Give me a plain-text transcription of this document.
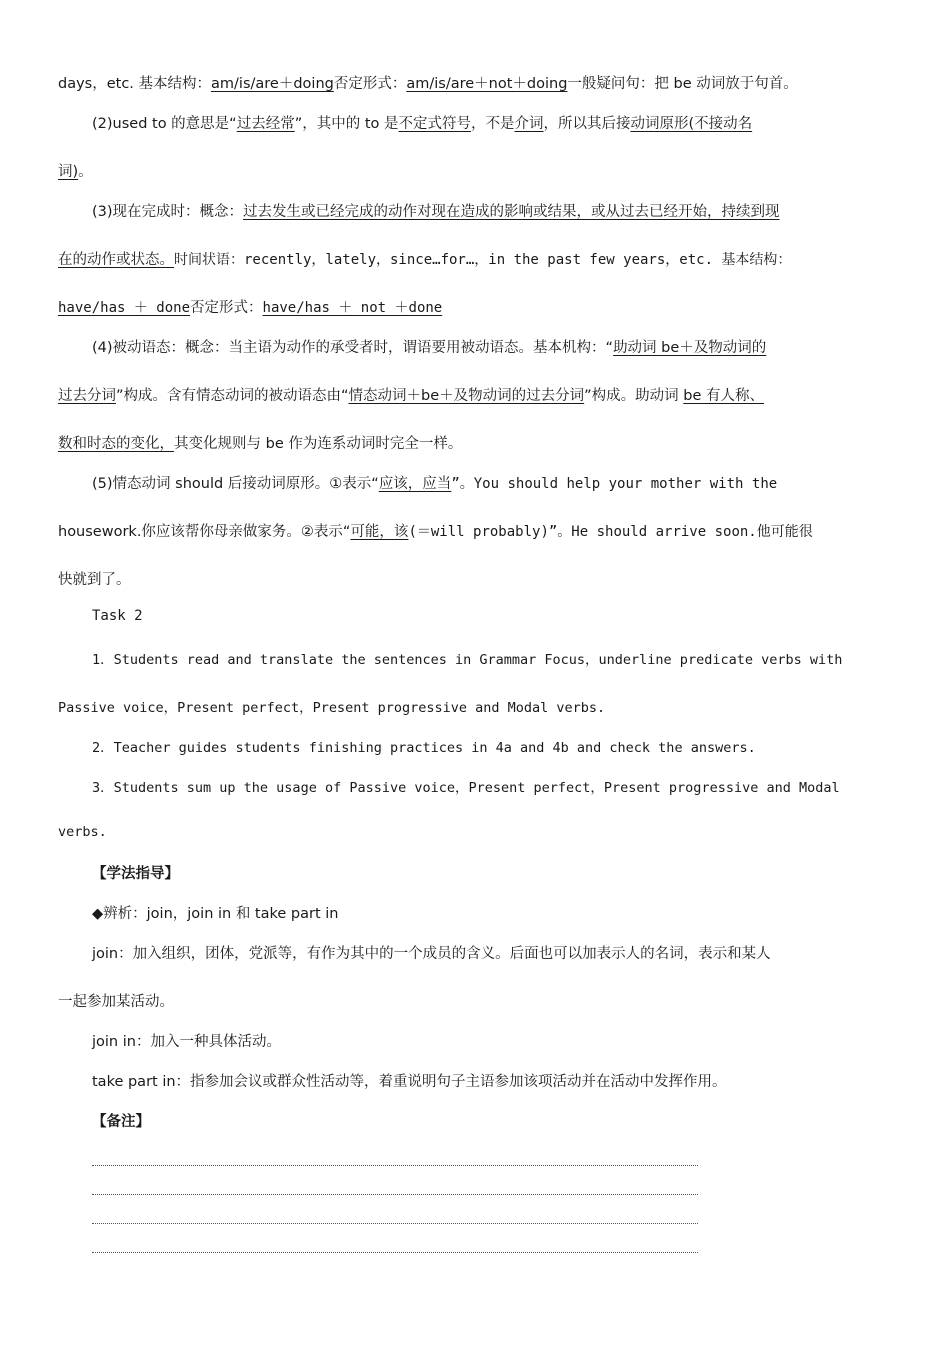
days，etc. 基本结构：am/is/are＋doing否定形式：am/is/are＋not＋doing一般疑问句：把 be 动词放于句首。
(2)used to 的意思是“过去经常”，其中的 to 是不定式符号，不是介词，所以其后接动词原形(不接动名
词)。
(3)现在完成时：概念：过去发生或已经完成的动作对现在造成的影响或结果，或从过去已经开始，持续到现
在的动作或状态。时间状语：recently，lately，since…for…，in the past few years，etc. 基本结构：
have/has ＋ done否定形式：have/has ＋ not ＋done
(4)被动语态：概念：当主语为动作的承受者时，谓语要用被动语态。基本机构：“助动词 be＋及物动词的
过去分词”构成。含有情态动词的被动语态由“情态动词＋be＋及物动词的过去分词”构成。助动词 be 有人称、
数和时态的变化，其变化规则与 be 作为连系动词时完全一样。
(5)情态动词 should 后接动词原形。①表示“应该，应当”。You should help your mother with the
housework.你应该帮你母亲做家务。②表示“可能，该(＝will probably)”。He should arrive soon.他可能很
快就到了。
Task 2
1．Students read and translate the sentences in Grammar Focus，underline predicate verbs with
Passive voice，Present perfect，Present progressive and Modal verbs.
2．Teacher guides students finishing practices in 4a and 4b and check the answers.
3．Students sum up the usage of Passive voice，Present perfect，Present progressive and Modal
verbs.
【学法指导】
◆辨析：join，join in 和 take part in
join：加入组织，团体，党派等，有作为其中的一个成员的含义。后面也可以加表示人的名词，表示和某人
一起参加某活动。
join in：加入一种具体活动。
take part in：指参加会议或群众性活动等，着重说明句子主语参加该项活动并在活动中发挥作用。
【备注】
